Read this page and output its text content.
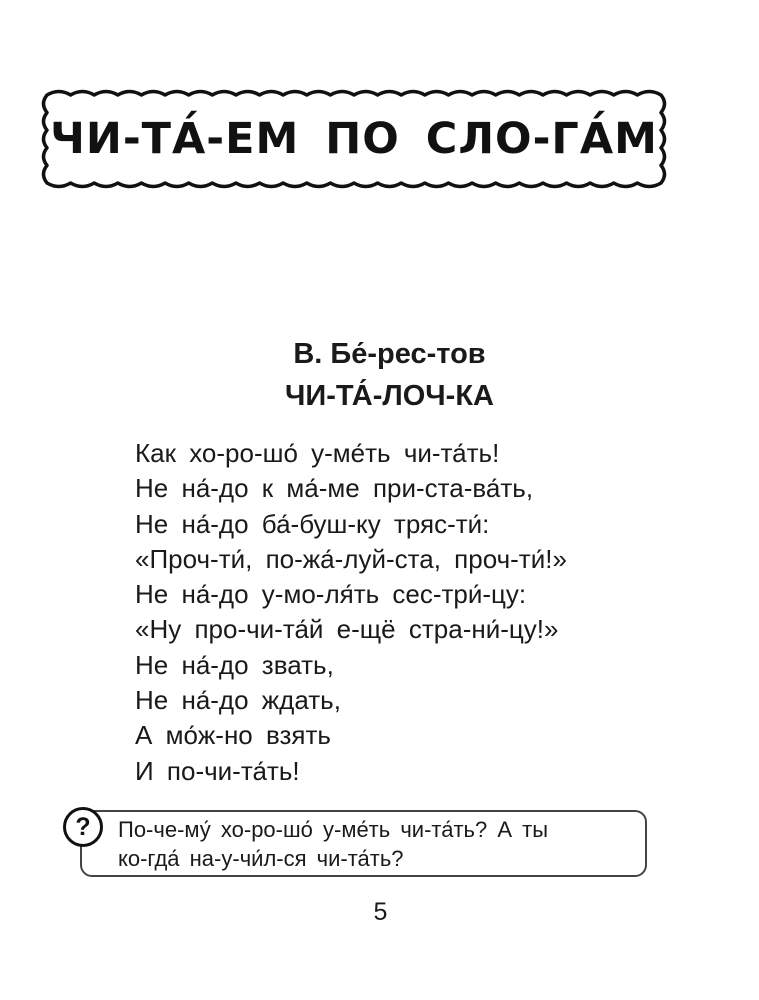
ЧИ-ТА́-ЕМ ПО СЛО-ГА́М
В. Бе́-рес-тов
ЧИ-ТА́-ЛОЧ-КА
Как хо-ро-шо́ у-ме́ть чи-та́ть!
Не на́-до к ма́-ме при-ста-ва́ть,
Не на́-до ба́-буш-ку тряс-ти́:
«Проч-ти́, по-жа́-луй-ста, проч-ти́!»
Не на́-до у-мо-ля́ть сес-три́-цу:
«Ну про-чи-та́й е-щё стра-ни́-цу!»
Не на́-до звать,
Не на́-до ждать,
А мо́ж-но взять
И по-чи-та́ть!
? По-че-му́ хо-ро-шо́ у-ме́ть чи-та́ть? А ты
ко-гда́ на-у-чи́л-ся чи-та́ть?
5
